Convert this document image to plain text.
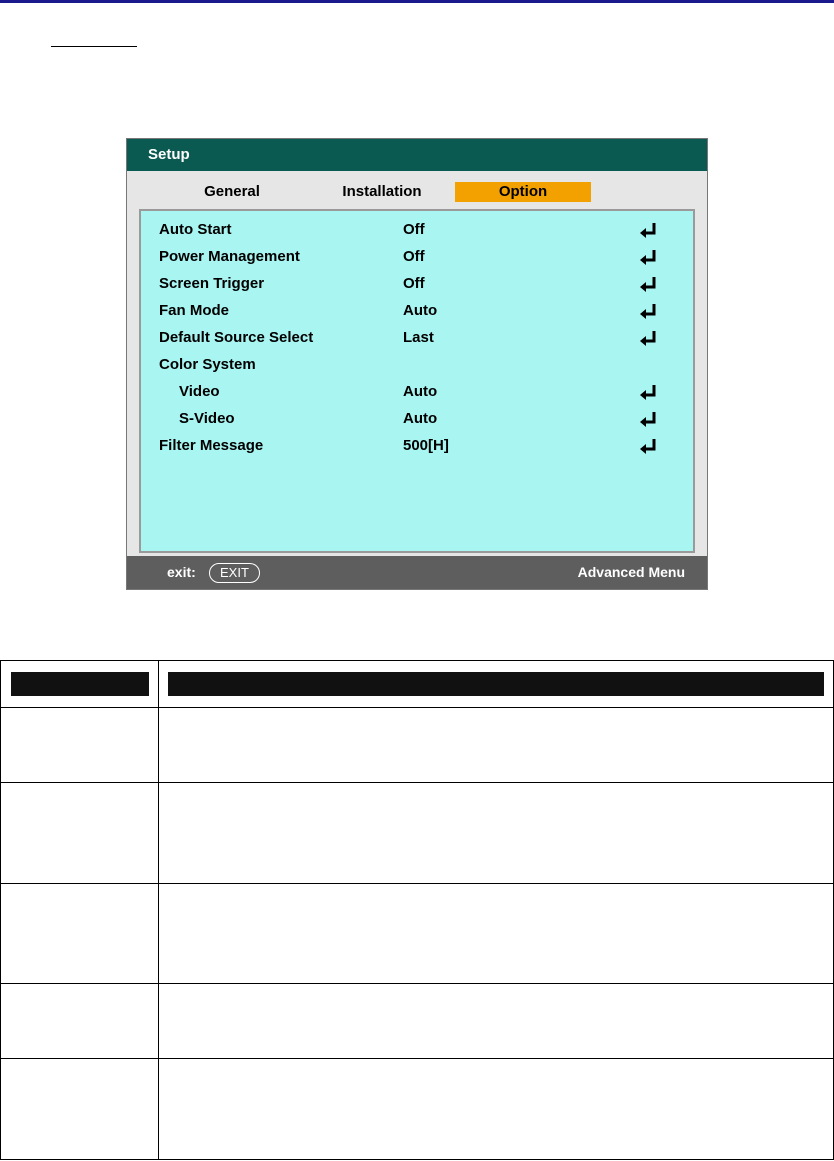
Setup
General	Installation	Option
Auto Start	Off
Power Management	Off
Screen Trigger	Off
Fan Mode	Auto
Default Source Select	Last
Color System
Video	Auto
S-Video	Auto
Filter Message	500[H]
exit:	EXIT	Advanced Menu
